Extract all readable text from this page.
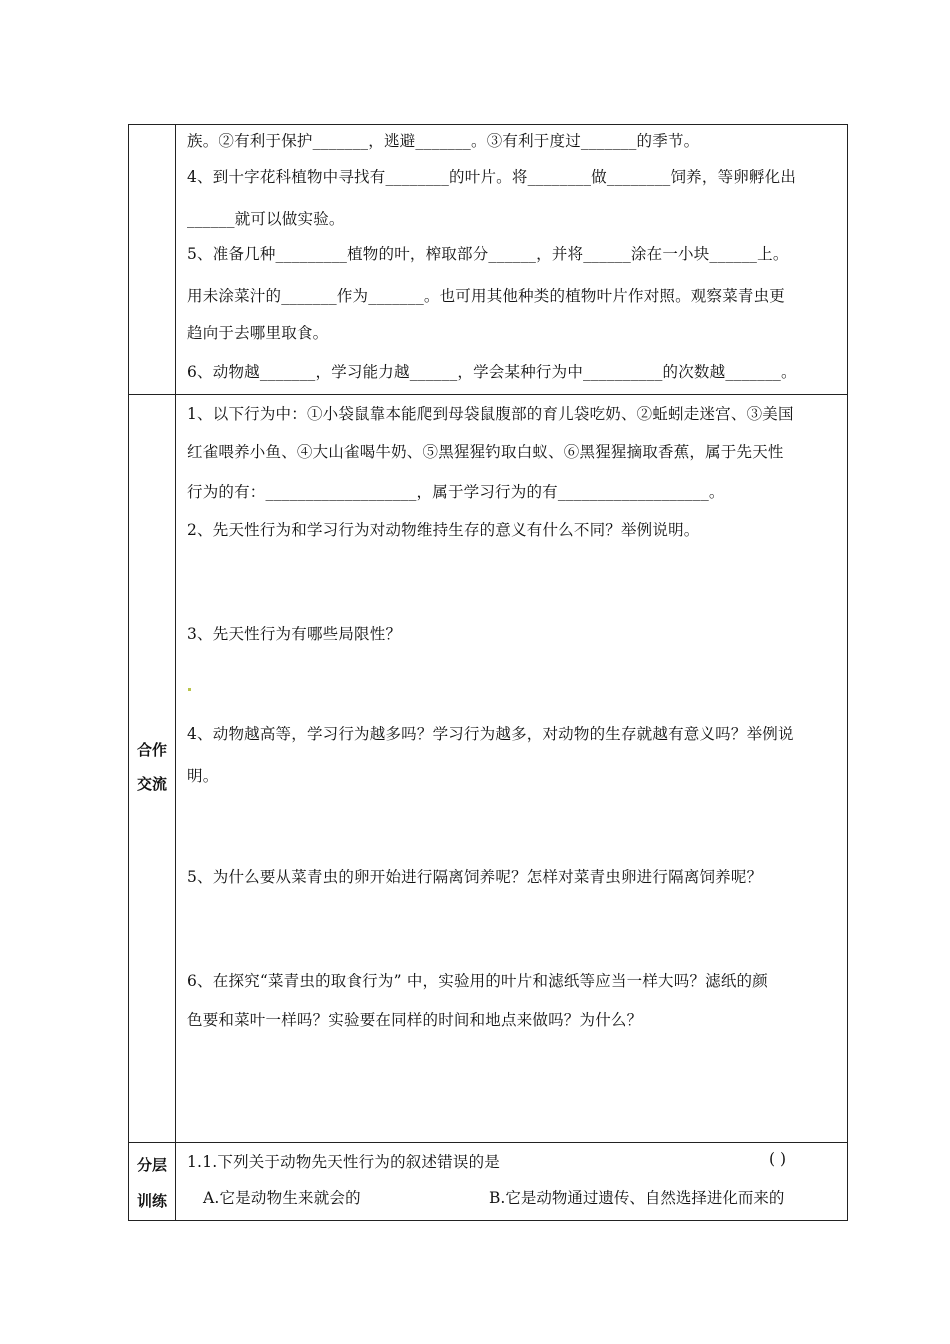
族。②有利于保护_______，逃避_______。③有利于度过_______的季节。
4、到十字花科植物中寻找有________的叶片。将________做________饲养，等卵孵化出
______就可以做实验。
5、准备几种_________植物的叶，榨取部分______，并将______涂在一小块______上。
用未涂菜汁的_______作为_______。也可用其他种类的植物叶片作对照。观察菜青虫更
趋向于去哪里取食。
6、动物越_______，学习能力越______，学会某种行为中__________的次数越_______。
合作
交流
1、以下行为中：①小袋鼠靠本能爬到母袋鼠腹部的育儿袋吃奶、②蚯蚓走迷宫、③美国
红雀喂养小鱼、④大山雀喝牛奶、⑤黑猩猩钓取白蚁、⑥黑猩猩摘取香蕉，属于先天性
行为的有：___________________，属于学习行为的有___________________。
2、先天性行为和学习行为对动物维持生存的意义有什么不同？举例说明。
3、先天性行为有哪些局限性？
4、动物越高等，学习行为越多吗？学习行为越多，对动物的生存就越有意义吗？举例说
明。
5、为什么要从菜青虫的卵开始进行隔离饲养呢？怎样对菜青虫卵进行隔离饲养呢？
6、在探究“菜青虫的取食行为” 中，实验用的叶片和滤纸等应当一样大吗？滤纸的颜
色要和菜叶一样吗？实验要在同样的时间和地点来做吗？为什么？
分层
训练
1.1.下列关于动物先天性行为的叙述错误的是	( )
A.它是动物生来就会的	B.它是动物通过遗传、自然选择进化而来的
